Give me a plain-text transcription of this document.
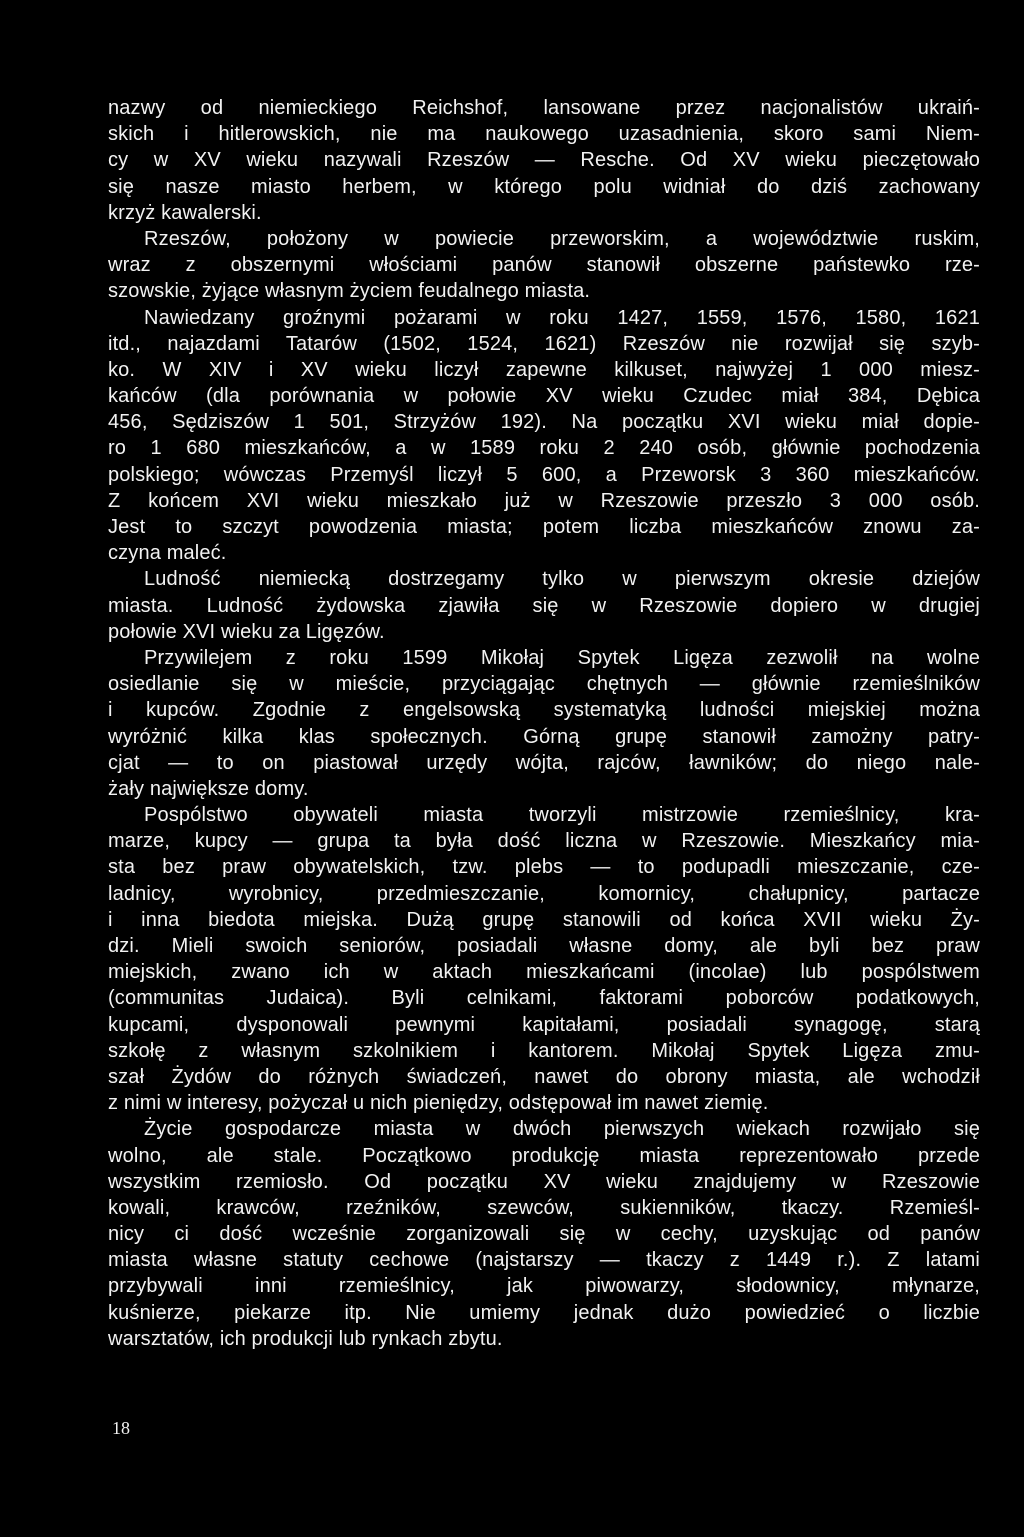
nazwy od niemieckiego Reichshof, lansowane przez nacjonalistów ukraiń-
skich i hitlerowskich, nie ma naukowego uzasadnienia, skoro sami Niem-
cy w XV wieku nazywali Rzeszów — Resche. Od XV wieku pieczętowało
się nasze miasto herbem, w którego polu widniał do dziś zachowany
krzyż kawalerski.
Rzeszów, położony w powiecie przeworskim, a województwie ruskim,
wraz z obszernymi włościami panów stanowił obszerne państewko rze-
szowskie, żyjące własnym życiem feudalnego miasta.
Nawiedzany groźnymi pożarami w roku 1427, 1559, 1576, 1580, 1621
itd., najazdami Tatarów (1502, 1524, 1621) Rzeszów nie rozwijał się szyb-
ko. W XIV i XV wieku liczył zapewne kilkuset, najwyżej 1 000 miesz-
kańców (dla porównania w połowie XV wieku Czudec miał 384, Dębica
456, Sędziszów 1 501, Strzyżów 192). Na początku XVI wieku miał dopie-
ro 1 680 mieszkańców, a w 1589 roku 2 240 osób, głównie pochodzenia
polskiego; wówczas Przemyśl liczył 5 600, a Przeworsk 3 360 mieszkańców.
Z końcem XVI wieku mieszkało już w Rzeszowie przeszło 3 000 osób.
Jest to szczyt powodzenia miasta; potem liczba mieszkańców znowu za-
czyna maleć.
Ludność niemiecką dostrzegamy tylko w pierwszym okresie dziejów
miasta. Ludność żydowska zjawiła się w Rzeszowie dopiero w drugiej
połowie XVI wieku za Ligęzów.
Przywilejem z roku 1599 Mikołaj Spytek Ligęza zezwolił na wolne
osiedlanie się w mieście, przyciągając chętnych — głównie rzemieślników
i kupców. Zgodnie z engelsowską systematyką ludności miejskiej można
wyróżnić kilka klas społecznych. Górną grupę stanowił zamożny patry-
cjat — to on piastował urzędy wójta, rajców, ławników; do niego nale-
żały największe domy.
Pospólstwo obywateli miasta tworzyli mistrzowie rzemieślnicy, kra-
marze, kupcy — grupa ta była dość liczna w Rzeszowie. Mieszkańcy mia-
sta bez praw obywatelskich, tzw. plebs — to podupadli mieszczanie, cze-
ladnicy, wyrobnicy, przedmieszczanie, komornicy, chałupnicy, partacze
i inna biedota miejska. Dużą grupę stanowili od końca XVII wieku Ży-
dzi. Mieli swoich seniorów, posiadali własne domy, ale byli bez praw
miejskich, zwano ich w aktach mieszkańcami (incolae) lub pospólstwem
(communitas Judaica). Byli celnikami, faktorami poborców podatkowych,
kupcami, dysponowali pewnymi kapitałami, posiadali synagogę, starą
szkołę z własnym szkolnikiem i kantorem. Mikołaj Spytek Ligęza zmu-
szał Żydów do różnych świadczeń, nawet do obrony miasta, ale wchodził
z nimi w interesy, pożyczał u nich pieniędzy, odstępował im nawet ziemię.
Życie gospodarcze miasta w dwóch pierwszych wiekach rozwijało się
wolno, ale stale. Początkowo produkcję miasta reprezentowało przede
wszystkim rzemiosło. Od początku XV wieku znajdujemy w Rzeszowie
kowali, krawców, rzeźników, szewców, sukienników, tkaczy. Rzemieśl-
nicy ci dość wcześnie zorganizowali się w cechy, uzyskując od panów
miasta własne statuty cechowe (najstarszy — tkaczy z 1449 r.). Z latami
przybywali inni rzemieślnicy, jak piwowarzy, słodownicy, młynarze,
kuśnierze, piekarze itp. Nie umiemy jednak dużo powiedzieć o liczbie
warsztatów, ich produkcji lub rynkach zbytu.
18
